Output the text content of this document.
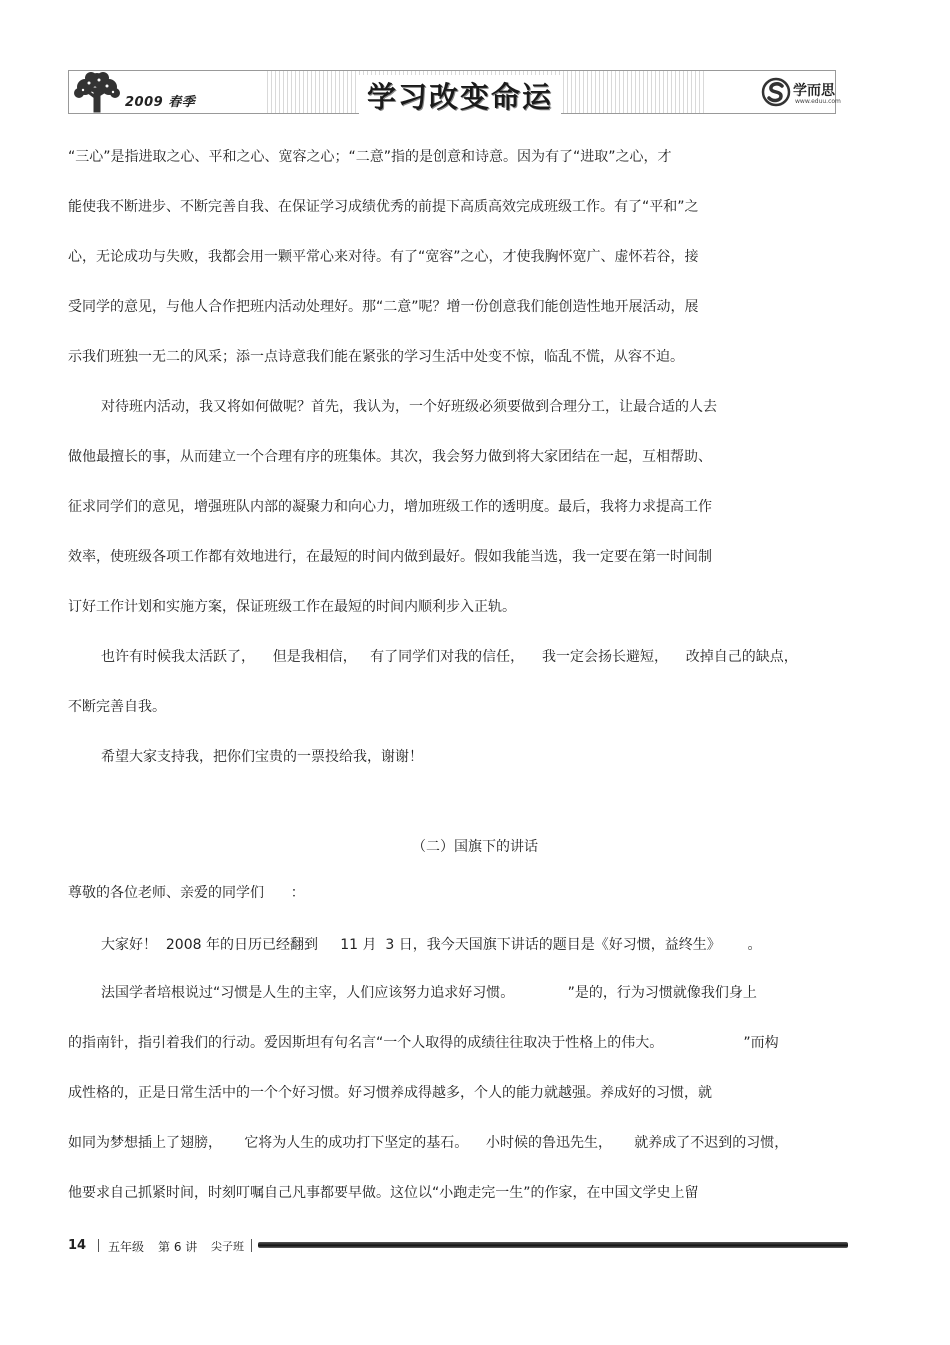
2009 春季	学习改变命运	学而思
www.eduu.com
“三心”是指进取之心、平和之心、宽容之心；“二意”指的是创意和诗意。因为有了“进取”之心，才
能使我不断进步、不断完善自我、在保证学习成绩优秀的前提下高质高效完成班级工作。有了“平和”之
心，无论成功与失败，我都会用一颗平常心来对待。有了“宽容”之心，才使我胸怀宽广、虚怀若谷，接
受同学的意见，与他人合作把班内活动处理好。那“二意”呢？增一份创意我们能创造性地开展活动，展
示我们班独一无二的风采；添一点诗意我们能在紧张的学习生活中处变不惊，临乱不慌，从容不迫。
对待班内活动，我又将如何做呢？首先，我认为，一个好班级必须要做到合理分工，让最合适的人去
做他最擅长的事，从而建立一个合理有序的班集体。其次，我会努力做到将大家团结在一起，互相帮助、
征求同学们的意见，增强班队内部的凝聚力和向心力，增加班级工作的透明度。最后，我将力求提高工作
效率，使班级各项工作都有效地进行，在最短的时间内做到最好。假如我能当选，我一定要在第一时间制
订好工作计划和实施方案，保证班级工作在最短的时间内顺利步入正轨。
也许有时候我太活跃了，    但是我相信，   有了同学们对我的信任，    我一定会扬长避短，    改掉自己的缺点，
不断完善自我。
希望大家支持我，把你们宝贵的一票投给我，谢谢！
（二）国旗下的讲话
尊敬的各位老师、亲爱的同学们      ：
大家好！  2008 年的日历已经翻到     11 月  3 日，我今天国旗下讲话的题目是《好习惯，益终生》      。
法国学者培根说过“习惯是人生的主宰，人们应该努力追求好习惯。            ”是的，行为习惯就像我们身上
的指南针，指引着我们的行动。爱因斯坦有句名言“一个人取得的成绩往往取决于性格上的伟大。                  ”而构
成性格的，正是日常生活中的一个个好习惯。好习惯养成得越多，个人的能力就越强。养成好的习惯，就
如同为梦想插上了翅膀，     它将为人生的成功打下坚定的基石。    小时候的鲁迅先生，     就养成了不迟到的习惯，
他要求自己抓紧时间，时刻叮嘱自己凡事都要早做。这位以“小跑走完一生”的作家，在中国文学史上留
14 五年级 第 6 讲 尖子班
